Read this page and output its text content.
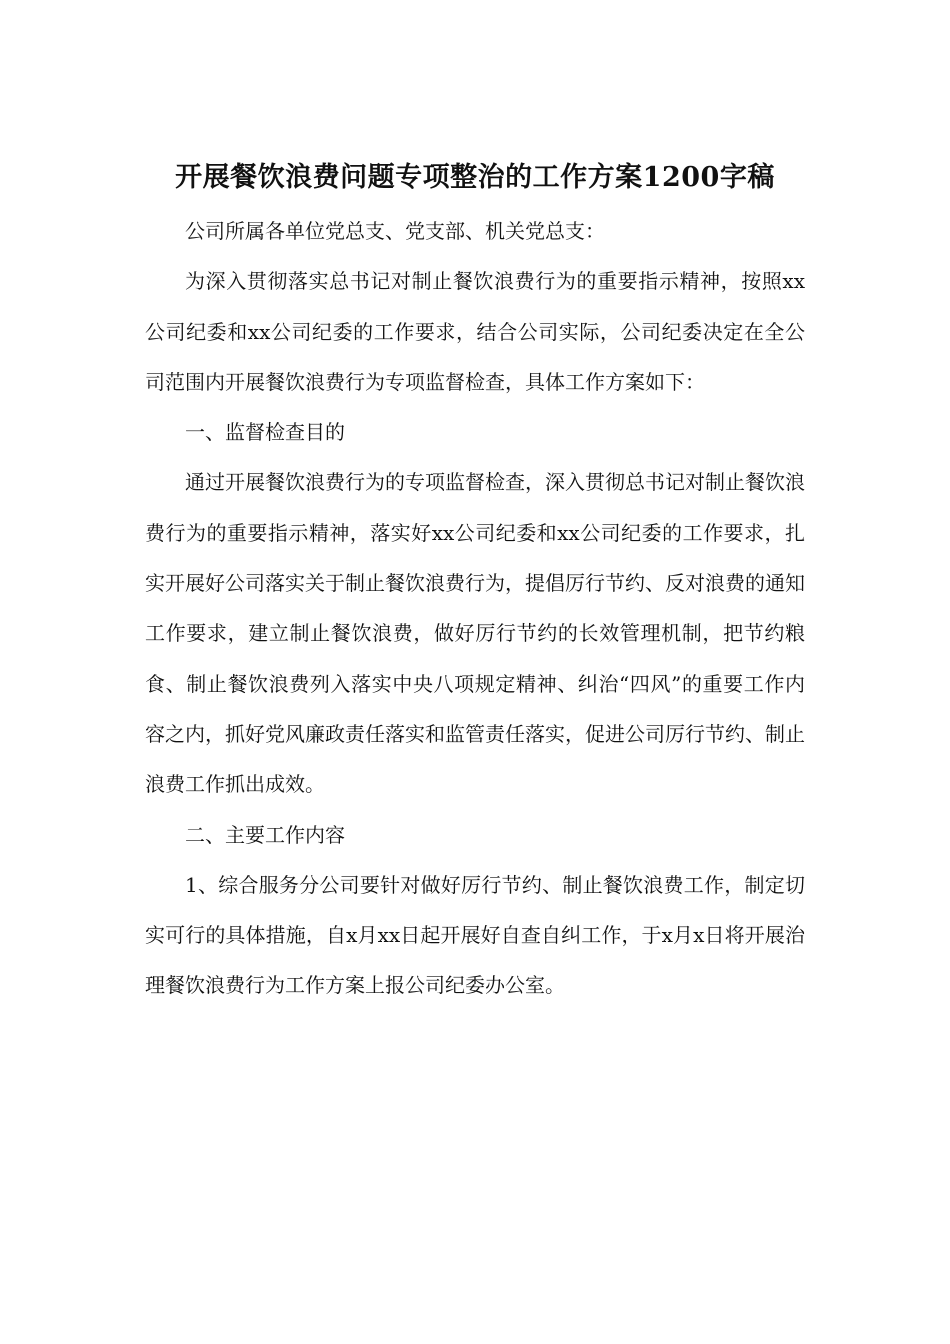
开展餐饮浪费问题专项整治的工作方案1200字稿

公司所属各单位党总支、党支部、机关党总支：

为深入贯彻落实总书记对制止餐饮浪费行为的重要指示精神，按照xx公司纪委和xx公司纪委的工作要求，结合公司实际，公司纪委决定在全公司范围内开展餐饮浪费行为专项监督检查，具体工作方案如下：

一、监督检查目的

通过开展餐饮浪费行为的专项监督检查，深入贯彻总书记对制止餐饮浪费行为的重要指示精神，落实好xx公司纪委和xx公司纪委的工作要求，扎实开展好公司落实关于制止餐饮浪费行为，提倡厉行节约、反对浪费的通知工作要求，建立制止餐饮浪费，做好厉行节约的长效管理机制，把节约粮食、制止餐饮浪费列入落实中央八项规定精神、纠治“四风”的重要工作内容之内，抓好党风廉政责任落实和监管责任落实，促进公司厉行节约、制止浪费工作抓出成效。

二、主要工作内容

1、综合服务分公司要针对做好厉行节约、制止餐饮浪费工作，制定切实可行的具体措施，自x月xx日起开展好自查自纠工作，于x月x日将开展治理餐饮浪费行为工作方案上报公司纪委办公室。
